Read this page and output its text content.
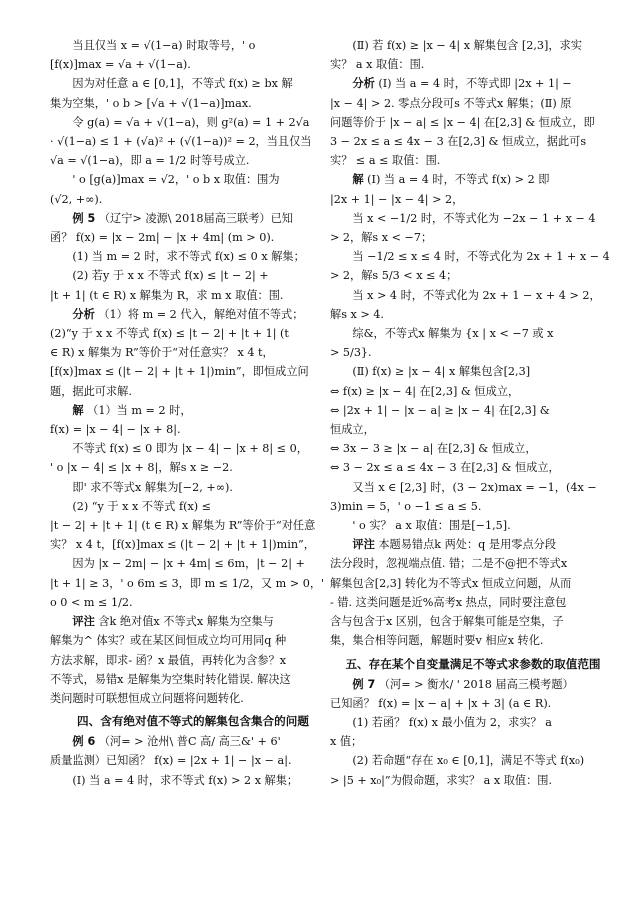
当且仅当 x = √(1−a) 时取等号，' o

[f(x)]max = √a + √(1−a).

因为对任意 a ∈ [0,1]，不等式 f(x) ≥ bx 解

集为空集，' o b > [√a + √(1−a)]max.

令 g(a) = √a + √(1−a)，则 g²(a) = 1 + 2√a

· √(1−a) ≤ 1 + (√a)² + (√(1−a))² = 2，当且仅当

√a = √(1−a)，即 a = 1/2 时等号成立.

' o [g(a)]max = √2，' o b x 取值：围为

(√2, +∞).

例 5 （辽宁> 凌源\ 2018届高三联考）已知

函？ f(x) = |x − 2m| − |x + 4m| (m > 0).

(1) 当 m = 2 时，求不等式 f(x) ≤ 0 x 解集；

(2) 若y 于 x x 不等式 f(x) ≤ |t − 2| +

|t + 1| (t ∈ R) x 解集为 R，求 m x 取值：围.

分析 （1）将 m = 2 代入，解绝对值不等式；

(2)“y 于 x x 不等式 f(x) ≤ |t − 2| + |t + 1| (t

∈ R) x 解集为 R”等价于“对任意实？ x 4 t，

[f(x)]max ≤ (|t − 2| + |t + 1|)min”，即恒成立问

题，据此可求解.

解 （1）当 m = 2 时，

f(x) = |x − 4| − |x + 8|.

不等式 f(x) ≤ 0 即为 |x − 4| − |x + 8| ≤ 0，

' o |x − 4| ≤ |x + 8|，解s x ≥ −2.

即' 求不等式x 解集为[−2, +∞).

(2) “y 于 x x 不等式 f(x) ≤

|t − 2| + |t + 1| (t ∈ R) x 解集为 R”等价于“对任意

实？ x 4 t，[f(x)]max ≤ (|t − 2| + |t + 1|)min”，

因为 |x − 2m| − |x + 4m| ≤ 6m，|t − 2| +

|t + 1| ≥ 3，' o 6m ≤ 3，即 m ≤ 1/2，又 m > 0，'

o 0 < m ≤ 1/2.

评注 含k 绝对值x 不等式x 解集为空集与

解集为^ 体实？或在某区间恒成立均可用同q 种

方法求解，即求- 函？x 最值，再转化为含参？x

不等式，易错x 是解集为空集时转化错误. 解决这

类问题时可联想恒成立问题将问题转化.

四、含有绝对值不等式的解集包含集合的问题

例 6 （河= > 沧州\ 普C 高/ 高三&' + 6'

质量监测）已知函？ f(x) = |2x + 1| − |x − a|.

(Ⅰ) 当 a = 4 时，求不等式 f(x) > 2 x 解集；

(Ⅱ) 若 f(x) ≥ |x − 4| x 解集包含 [2,3]，求实

实？ a x 取值：围.

分析 (Ⅰ) 当 a = 4 时，不等式即 |2x + 1| −

|x − 4| > 2. 零点分段可s 不等式x 解集；(Ⅱ) 原

问题等价于 |x − a| ≤ |x − 4| 在[2,3] & 恒成立，即

3 − 2x ≤ a ≤ 4x − 3 在[2,3] & 恒成立，据此可s

实？ ≤ a ≤ 取值：围.

解 (Ⅰ) 当 a = 4 时，不等式 f(x) > 2 即

|2x + 1| − |x − 4| > 2，

当 x < −1/2 时，不等式化为 −2x − 1 + x − 4

> 2，解s x < −7；

当 −1/2 ≤ x ≤ 4 时，不等式化为 2x + 1 + x − 4

> 2，解s 5/3 < x ≤ 4；

当 x > 4 时，不等式化为 2x + 1 − x + 4 > 2，

解s x > 4.

综&，不等式x 解集为 {x | x < −7 或 x

> 5/3}.

(Ⅱ) f(x) ≥ |x − 4| x 解集包含[2,3]

⇔ f(x) ≥ |x − 4| 在[2,3] & 恒成立，

⇔ |2x + 1| − |x − a| ≥ |x − 4| 在[2,3] &

恒成立，

⇔ 3x − 3 ≥ |x − a| 在[2,3] & 恒成立，

⇔ 3 − 2x ≤ a ≤ 4x − 3 在[2,3] & 恒成立，

又当 x ∈ [2,3] 时，(3 − 2x)max = −1，(4x −

3)min = 5，' o −1 ≤ a ≤ 5.

' o 实？ a x 取值：围是[−1,5].

评注 本题易错点k 两处：q 是用零点分段

法分段时，忽视端点值. 错；二是不@把不等式x

解集包含[2,3] 转化为不等式x 恒成立问题，从而

- 错. 这类问题是近%高考x 热点，同时要注意包

含与包含于x 区别，包含于解集可能是空集，子

集，集合相等问题，解题时要v 相应x 转化.

五、存在某个自变量满足不等式求参数的取值范围

例 7 （河= > 衡水/ ' 2018 届高三模考题）

已知函？ f(x) = |x − a| + |x + 3| (a ∈ R).

(1) 若函？ f(x) x 最小值为 2，求实？ a

x 值；

(2) 若命题“存在 x₀ ∈ [0,1]，满足不等式 f(x₀)

> |5 + x₀|”为假命题，求实？ a x 取值：围.
